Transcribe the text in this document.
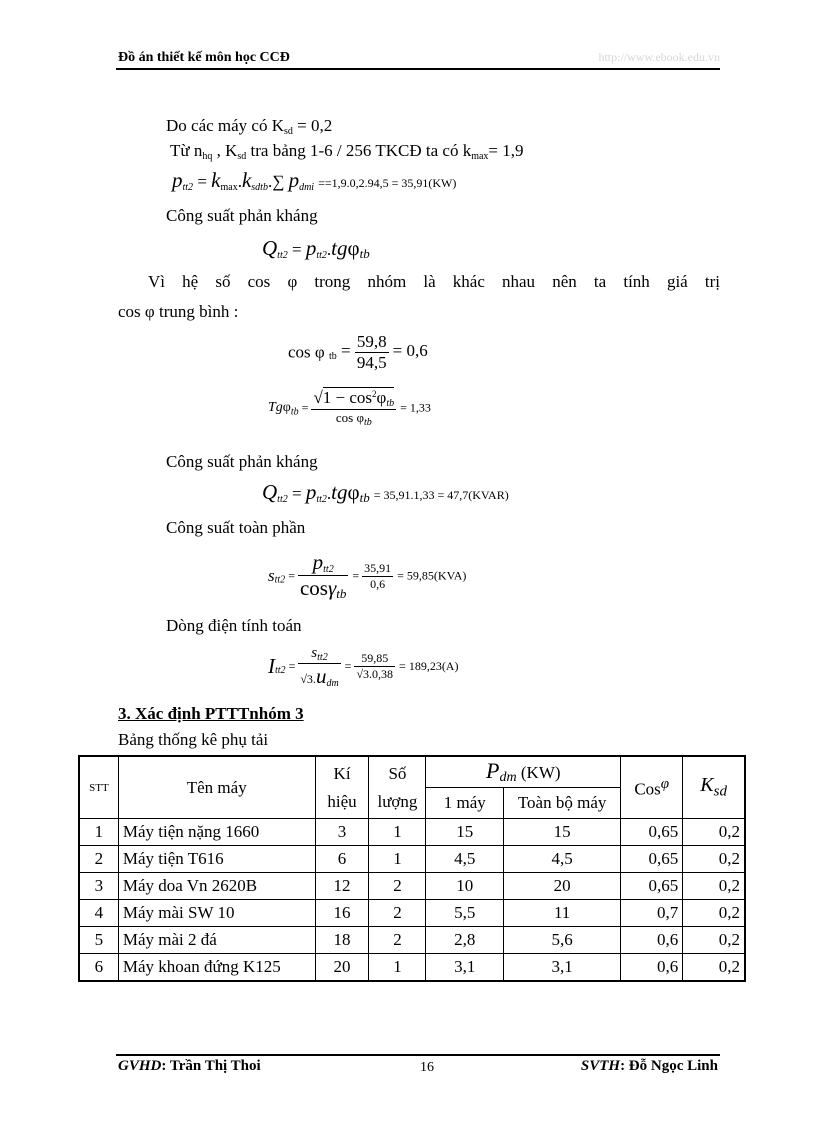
Đồ án thiết kế môn học CCĐ	http://www.ebook.edu.vn
Do các máy có $K_{sd} = 0,2$
Từ $n_{hq}$ , $K_{sd}$ tra bảng 1-6 / 256 TKCĐ ta có $k_{max}= 1,9$
$p_{tt2} = k_{max}.k_{sdtb}.\sum$ $p_{dmi} ==1,9.0,2.94,5 = 35,91(KW)$
Công suất phản kháng
$Q_{tt2} = p_{tt2}.tg\varphi_{tb}$
Vì hệ số cos φ trong nhóm là khác nhau nên ta tính giá trị
cos φ trung bình :
cos φ $_{tb} = \frac{59,8}{94,5} = 0,6$
$Tg\varphi_{tb} = \frac{√1 - \cos^2\varphi_{tb}}{\cos \varphi_{tb}} = 1,33$
Công suất phản kháng
$Q_{tt2} = p_{tt2}.tg\varphi_{tb} = 35,91.1,33$ = 47,7(KVAR)
Công suất toàn phần
$s_{tt2} = \frac{p_{tt2}}{\cos\gamma_{tb}} = \frac{35,91}{0,6} = 59,85(KVA)$
Dòng điện tính toán
$I_{tt2} = \frac{s_{tt2}}{√3.u_{dm}} = \frac{59,85}{√3.0,38} = 189,23(A)$
3. Xác định PTTTnhóm 3
Bảng thống kê phụ tải
STT	Tên máy	Kí hiệu	Số lượng	$P_{dm}$ (KW)		Cos$^\varphi$	$K_{sd}$
				1 máy	Toàn bộ máy		
1	Máy tiện nặng 1660	3	1	15	15	0,65	0,2
2	Máy tiện T616	6	1	4,5	4,5	0,65	0,2
3	Máy doa Vn 2620B	12	2	10	20	0,65	0,2
4	Máy mài SW 10	16	2	5,5	11	0,7	0,2
5	Máy mài 2 đá	18	2	2,8	5,6	0,6	0,2
6	Máy khoan đứng K125	20	1	3,1	3,1	0,6	0,2
GVHD: Trần Thị Thoi	16	SVTH: Đỗ Ngọc Linh
